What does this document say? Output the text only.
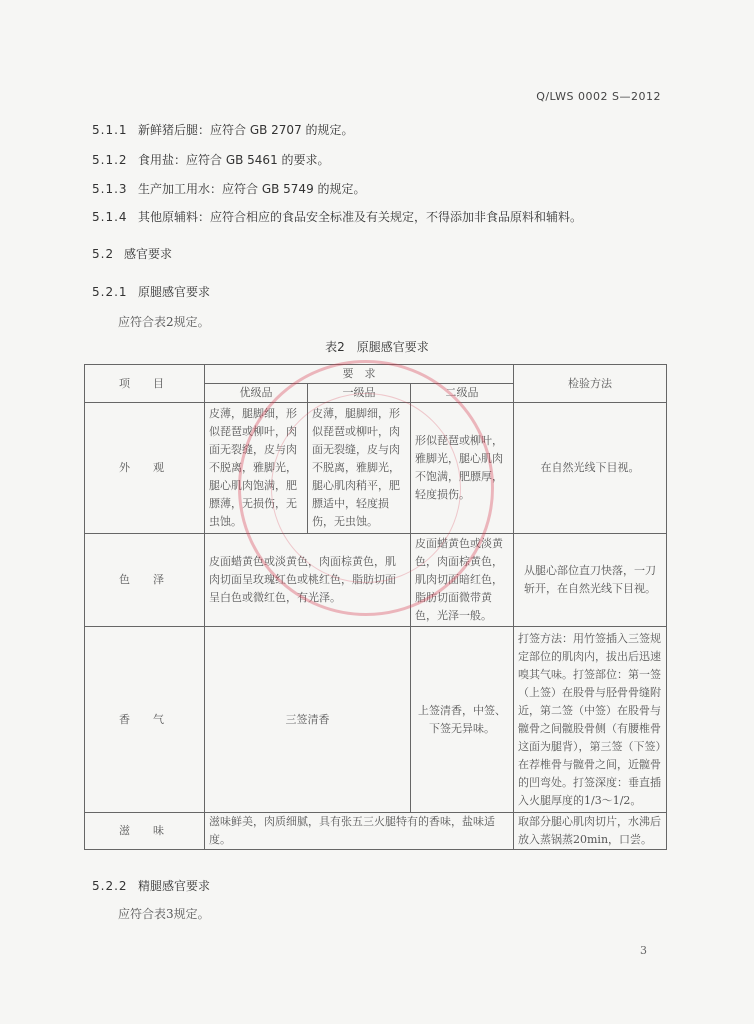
Q/LWS 0002 S—2012
5.1.1 新鲜猪后腿：应符合 GB 2707 的规定。
5.1.2 食用盐：应符合 GB 5461 的要求。
5.1.3 生产加工用水：应符合 GB 5749 的规定。
5.1.4 其他原辅料：应符合相应的食品安全标准及有关规定，不得添加非食品原料和辅料。
5.2 感官要求
5.2.1 原腿感官要求
应符合表2规定。
表2　原腿感官要求
项　目	要　求			检验方法
	优级品	一级品	二级品	
外　观	皮薄，腿脚细，形似琵琶或柳叶，肉面无裂缝，皮与肉不脱离，雅脚光，腿心肌肉饱满，肥膘薄，无损伤，无虫蚀。	皮薄，腿脚细，形似琵琶或柳叶，肉面无裂缝，皮与肉不脱离，雅脚光，腿心肌肉稍平，肥膘适中，轻度损伤，无虫蚀。	形似琵琶或柳叶，雅脚光，腿心肌肉不饱满，肥膘厚，轻度损伤。	在自然光线下目视。
色　泽	皮面蜡黄色或淡黄色，肉面棕黄色，肌肉切面呈玫瑰红色或桃红色，脂肪切面呈白色或微红色，有光泽。		皮面蜡黄色或淡黄色，肉面棕黄色，肌肉切面暗红色，脂肪切面微带黄色，光泽一般。	从腿心部位直刀快落，一刀斩开，在自然光线下目视。
香　气	三签清香		上签清香，中签、下签无异味。	打签方法：用竹签插入三签规定部位的肌肉内，拔出后迅速嗅其气味。打签部位：第一签（上签）在股骨与胫骨骨缝附近，第二签（中签）在股骨与髋骨之间髋股骨侧（有腰椎骨这面为腿背），第三签（下签）在荐椎骨与髋骨之间，近髋骨的凹弯处。打签深度：垂直插入火腿厚度的1/3～1/2。
滋　味	滋味鲜美，肉质细腻，具有张五三火腿特有的香味，盐味适度。			取部分腿心肌肉切片，水沸后放入蒸锅蒸20min，口尝。
5.2.2 精腿感官要求
应符合表3规定。
3
